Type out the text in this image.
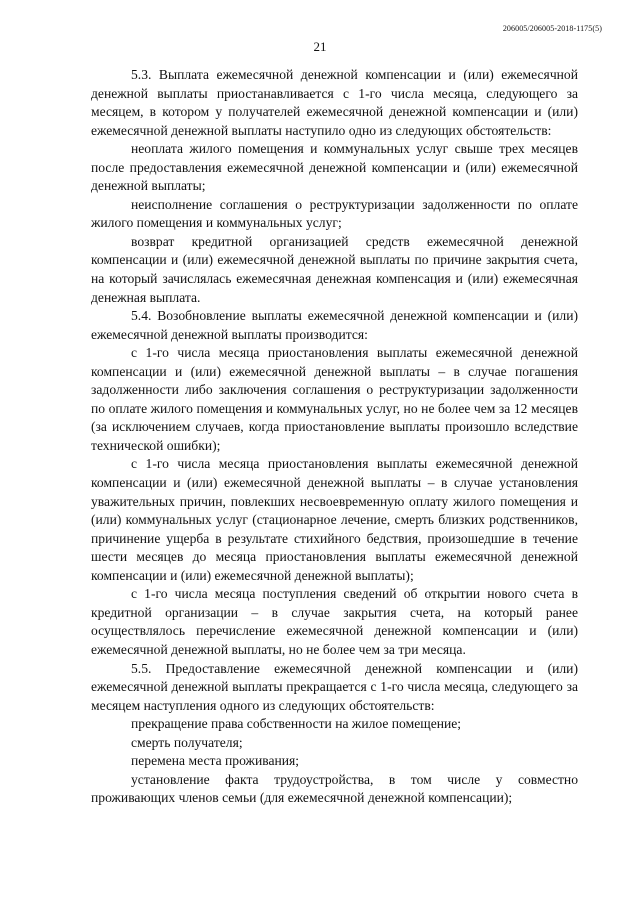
206005/206005-2018-1175(5)
21

5.3. Выплата ежемесячной денежной компенсации и (или) ежемесячной денежной выплаты приостанавливается с 1-го числа месяца, следующего за месяцем, в котором у получателей ежемесячной денежной компенсации и (или) ежемесячной денежной выплаты наступило одно из следующих обстоятельств:

неоплата жилого помещения и коммунальных услуг свыше трех месяцев после предоставления ежемесячной денежной компенсации и (или) ежемесячной денежной выплаты;

неисполнение соглашения о реструктуризации задолженности по оплате жилого помещения и коммунальных услуг;

возврат кредитной организацией средств ежемесячной денежной компенсации и (или) ежемесячной денежной выплаты по причине закрытия счета, на который зачислялась ежемесячная денежная компенсация и (или) ежемесячная денежная выплата.

5.4. Возобновление выплаты ежемесячной денежной компенсации и (или) ежемесячной денежной выплаты производится:

с 1-го числа месяца приостановления выплаты ежемесячной денежной компенсации и (или) ежемесячной денежной выплаты – в случае погашения задолженности либо заключения соглашения о реструктуризации задолженности по оплате жилого помещения и коммунальных услуг, но не более чем за 12 месяцев (за исключением случаев, когда приостановление выплаты произошло вследствие технической ошибки);

с 1-го числа месяца приостановления выплаты ежемесячной денежной компенсации и (или) ежемесячной денежной выплаты – в случае установления уважительных причин, повлекших несвоевременную оплату жилого помещения и (или) коммунальных услуг (стационарное лечение, смерть близких родственников, причинение ущерба в результате стихийного бедствия, произошедшие в течение шести месяцев до месяца приостановления выплаты ежемесячной денежной компенсации и (или) ежемесячной денежной выплаты);

с 1-го числа месяца поступления сведений об открытии нового счета в кредитной организации – в случае закрытия счета, на который ранее осуществлялось перечисление ежемесячной денежной компенсации и (или) ежемесячной денежной выплаты, но не более чем за три месяца.

5.5. Предоставление ежемесячной денежной компенсации и (или) ежемесячной денежной выплаты прекращается с 1-го числа месяца, следующего за месяцем наступления одного из следующих обстоятельств:

прекращение права собственности на жилое помещение;

смерть получателя;

перемена места проживания;

установление факта трудоустройства, в том числе у совместно проживающих членов семьи (для ежемесячной денежной компенсации);
